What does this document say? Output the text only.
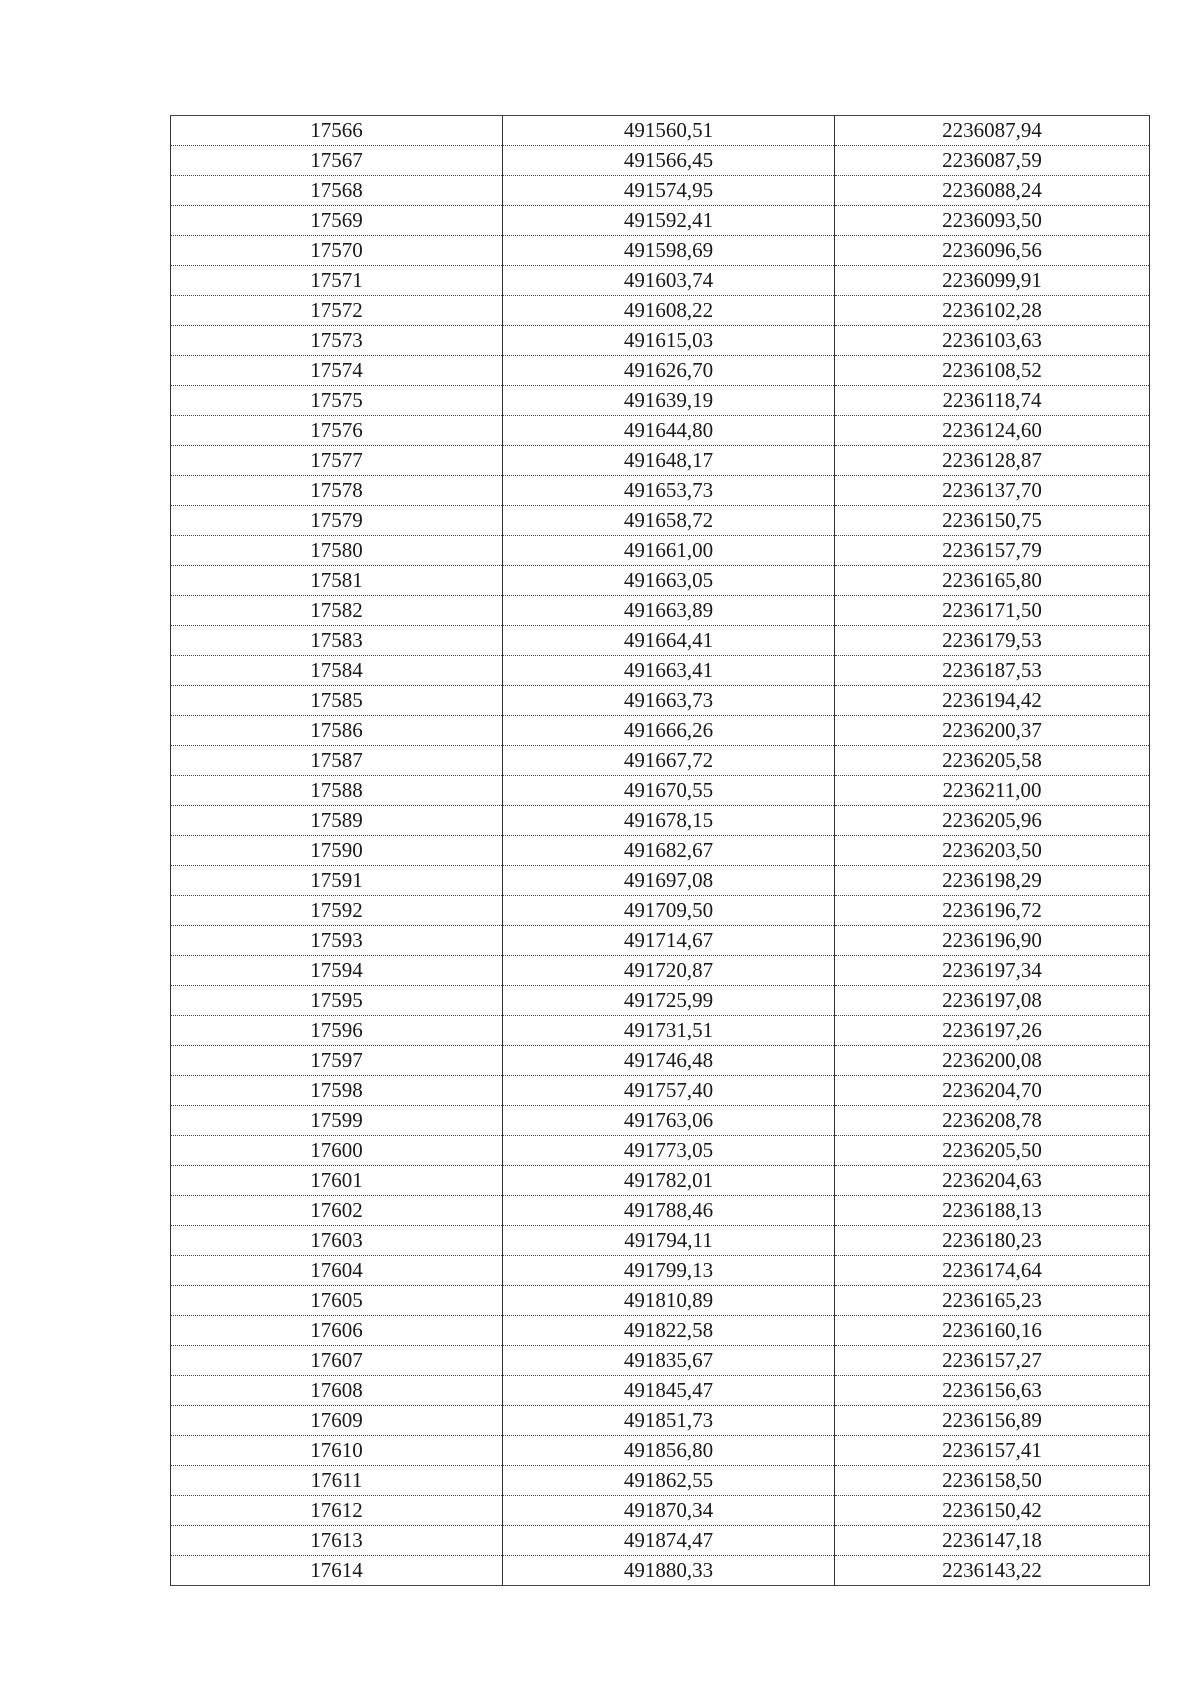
17566	491560,51	2236087,94
17567	491566,45	2236087,59
17568	491574,95	2236088,24
17569	491592,41	2236093,50
17570	491598,69	2236096,56
17571	491603,74	2236099,91
17572	491608,22	2236102,28
17573	491615,03	2236103,63
17574	491626,70	2236108,52
17575	491639,19	2236118,74
17576	491644,80	2236124,60
17577	491648,17	2236128,87
17578	491653,73	2236137,70
17579	491658,72	2236150,75
17580	491661,00	2236157,79
17581	491663,05	2236165,80
17582	491663,89	2236171,50
17583	491664,41	2236179,53
17584	491663,41	2236187,53
17585	491663,73	2236194,42
17586	491666,26	2236200,37
17587	491667,72	2236205,58
17588	491670,55	2236211,00
17589	491678,15	2236205,96
17590	491682,67	2236203,50
17591	491697,08	2236198,29
17592	491709,50	2236196,72
17593	491714,67	2236196,90
17594	491720,87	2236197,34
17595	491725,99	2236197,08
17596	491731,51	2236197,26
17597	491746,48	2236200,08
17598	491757,40	2236204,70
17599	491763,06	2236208,78
17600	491773,05	2236205,50
17601	491782,01	2236204,63
17602	491788,46	2236188,13
17603	491794,11	2236180,23
17604	491799,13	2236174,64
17605	491810,89	2236165,23
17606	491822,58	2236160,16
17607	491835,67	2236157,27
17608	491845,47	2236156,63
17609	491851,73	2236156,89
17610	491856,80	2236157,41
17611	491862,55	2236158,50
17612	491870,34	2236150,42
17613	491874,47	2236147,18
17614	491880,33	2236143,22
